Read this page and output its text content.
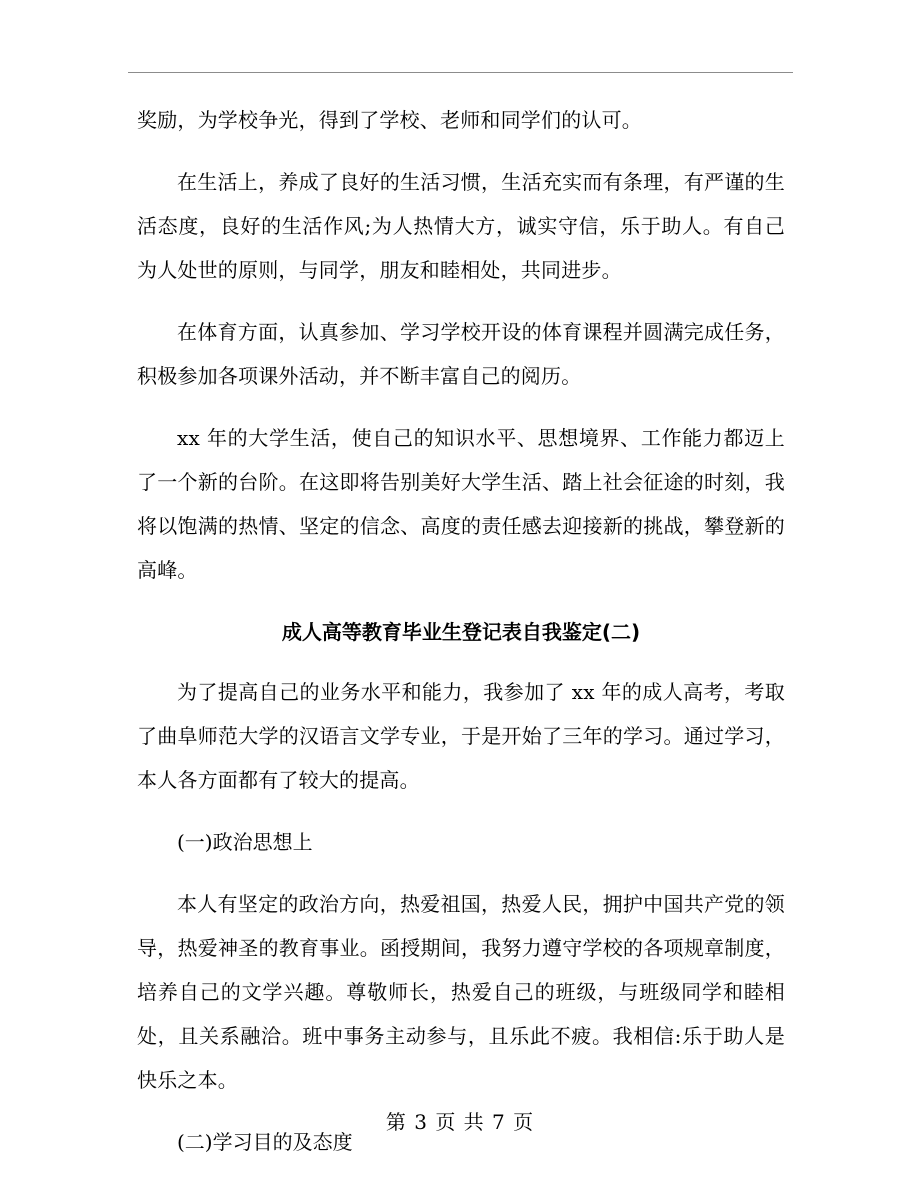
奖励，为学校争光，得到了学校、老师和同学们的认可。

在生活上，养成了良好的生活习惯，生活充实而有条理，有严谨的生活态度，良好的生活作风;为人热情大方，诚实守信，乐于助人。有自己为人处世的原则，与同学，朋友和睦相处，共同进步。

在体育方面，认真参加、学习学校开设的体育课程并圆满完成任务，积极参加各项课外活动，并不断丰富自己的阅历。

xx 年的大学生活，使自己的知识水平、思想境界、工作能力都迈上了一个新的台阶。在这即将告别美好大学生活、踏上社会征途的时刻，我将以饱满的热情、坚定的信念、高度的责任感去迎接新的挑战，攀登新的高峰。

成人高等教育毕业生登记表自我鉴定(二)

为了提高自己的业务水平和能力，我参加了 xx 年的成人高考，考取了曲阜师范大学的汉语言文学专业，于是开始了三年的学习。通过学习，本人各方面都有了较大的提高。

(一)政治思想上

本人有坚定的政治方向，热爱祖国，热爱人民，拥护中国共产党的领导，热爱神圣的教育事业。函授期间，我努力遵守学校的各项规章制度，培养自己的文学兴趣。尊敬师长，热爱自己的班级，与班级同学和睦相处，且关系融洽。班中事务主动参与，且乐此不疲。我相信:乐于助人是快乐之本。

(二)学习目的及态度

第 3 页 共 7 页
